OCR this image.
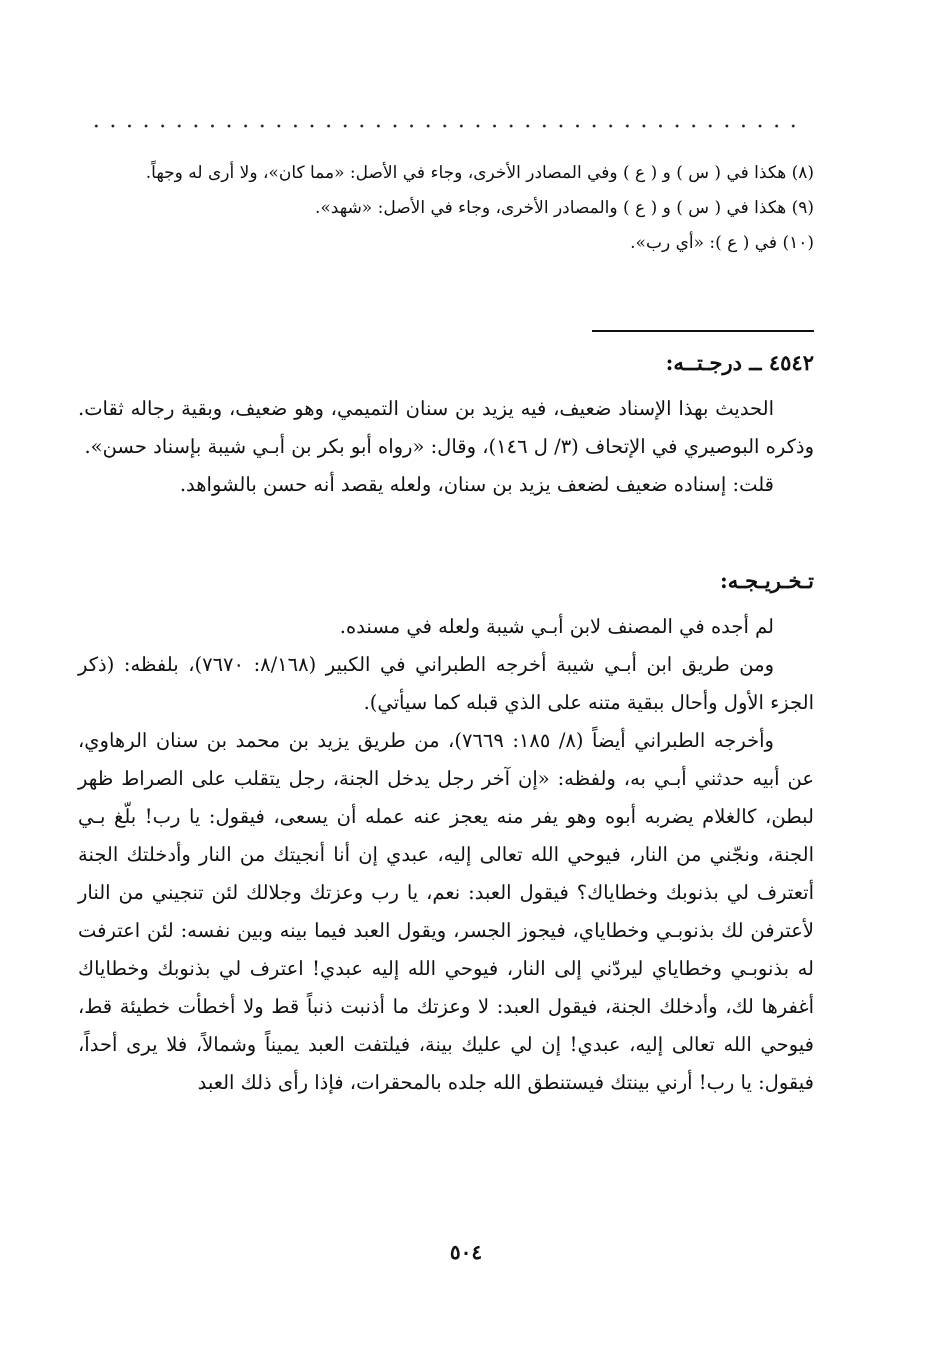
(٨) هكذا في ( س ) و ( ع ) وفي المصادر الأخرى، وجاء في الأصل: «مما كان»، ولا أرى له وجهاً.

(٩) هكذا في ( س ) و ( ع ) والمصادر الأخرى، وجاء في الأصل: «شهد».

(١٠) في ( ع ): «أي رب».

٤٥٤٢ ــ درجـتــه:

الحديث بهذا الإسناد ضعيف، فيه يزيد بن سنان التميمي، وهو ضعيف، وبقية رجاله ثقات. وذكره البوصيري في الإتحاف (٣/ ل ١٤٦)، وقال: «رواه أبو بكر بن أبـي شيبة بإسناد حسن».

قلت: إسناده ضعيف لضعف يزيد بن سنان، ولعله يقصد أنه حسن بالشواهد.

تـخـريـجـه:

لم أجده في المصنف لابن أبـي شيبة ولعله في مسنده.

ومن طريق ابن أبـي شيبة أخرجه الطبراني في الكبير (٨/١٦٨: ٧٦٧٠)، بلفظه: (ذكر الجزء الأول وأحال ببقية متنه على الذي قبله كما سيأتي).

وأخرجه الطبراني أيضاً (٨/ ١٨٥: ٧٦٦٩)، من طريق يزيد بن محمد بن سنان الرهاوي، عن أبيه حدثني أبـي به، ولفظه: «إن آخر رجل يدخل الجنة، رجل يتقلب على الصراط ظهر لبطن، كالغلام يضربه أبوه وهو يفر منه يعجز عنه عمله أن يسعى، فيقول: يا رب! بلّغ بـي الجنة، ونجّني من النار، فيوحي الله تعالى إليه، عبدي إن أنا أنجيتك من النار وأدخلتك الجنة أتعترف لي بذنوبك وخطاياك؟ فيقول العبد: نعم، يا رب وعزتك وجلالك لئن تنجيني من النار لأعترفن لك بذنوبـي وخطاياي، فيجوز الجسر، ويقول العبد فيما بينه وبين نفسه: لئن اعترفت له بذنوبـي وخطاياي ليردّني إلى النار، فيوحي الله إليه عبدي! اعترف لي بذنوبك وخطاياك أغفرها لك، وأدخلك الجنة، فيقول العبد: لا وعزتك ما أذنبت ذنباً قط ولا أخطأت خطيئة قط، فيوحي الله تعالى إليه، عبدي! إن لي عليك بينة، فيلتفت العبد يميناً وشمالاً، فلا يرى أحداً، فيقول: يا رب! أرني بينتك فيستنطق الله جلده بالمحقرات، فإذا رأى ذلك العبد

٥٠٤
